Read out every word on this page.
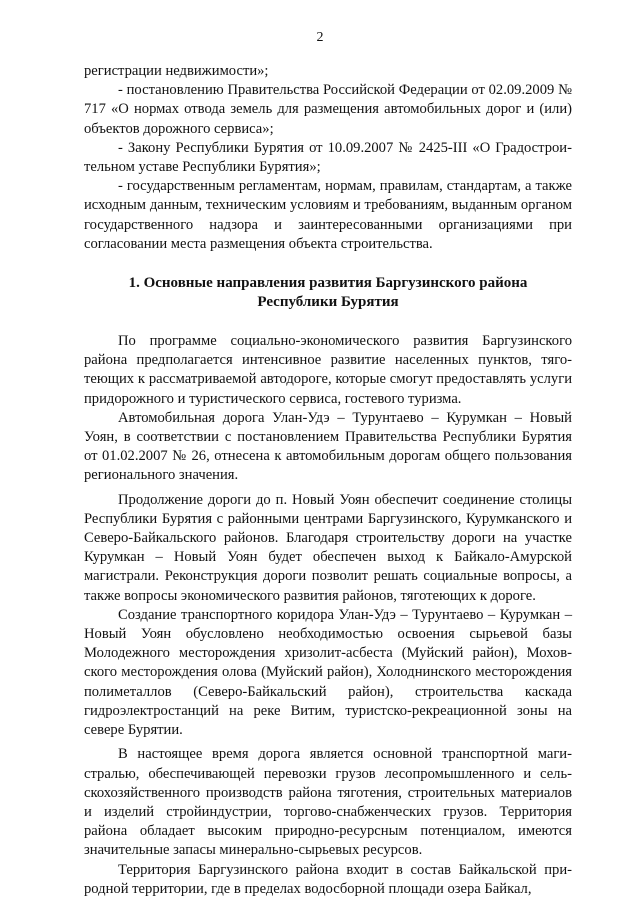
2

регистрации недвижимости»;

- постановлению Правительства Российской Федерации от 02.09.2009 № 717 «О нормах отвода земель для размещения автомобильных дорог и (или) объектов дорожного сервиса»;

- Закону Республики Бурятия от 10.09.2007 № 2425-III «О Градостроительном уставе Республики Бурятия»;

- государственным регламентам, нормам, правилам, стандартам, а также исходным данным, техническим условиям и требованиям, выданным органом государственного надзора и заинтересованными организациями при согласовании места размещения объекта строительства.

1. Основные направления развития Баргузинского района
Республики Бурятия

По программе социально-экономического развития Баргузинского района предполагается интенсивное развитие населенных пунктов, тяготеющих к рассматриваемой автодороге, которые смогут предоставлять услуги придорожного и туристического сервиса, гостевого туризма.

Автомобильная дорога Улан-Удэ – Турунтаево – Курумкан – Новый Уоян, в соответствии с постановлением Правительства Республики Бурятия от 01.02.2007 № 26, отнесена к автомобильным дорогам общего пользования регионального значения.

Продолжение дороги до п. Новый Уоян обеспечит соединение столицы Республики Бурятия с районными центрами Баргузинского, Курумканского и Северо-Байкальского районов. Благодаря строительству дороги на участке Курумкан – Новый Уоян будет обеспечен выход к Байкало-Амурской магистрали. Реконструкция дороги позволит решать социальные вопросы, а также вопросы экономического развития районов, тяготеющих к дороге.

Создание транспортного коридора Улан-Удэ – Турунтаево – Курумкан – Новый Уоян обусловлено необходимостью освоения сырьевой базы Молодежного месторождения хризолит-асбеста (Муйский район), Моховского месторождения олова (Муйский район), Холоднинского месторождения полиметаллов (Северо-Байкальский район), строительства каскада гидроэлектростанций на реке Витим, туристско-рекреационной зоны на севере Бурятии.

В настоящее время дорога является основной транспортной магистралью, обеспечивающей перевозки грузов лесопромышленного и сельскохозяйственного производств района тяготения, строительных материалов и изделий стройиндустрии, торгово-снабженческих грузов. Территория района обладает высоким природно-ресурсным потенциалом, имеются значительные запасы минерально-сырьевых ресурсов.

Территория Баргузинского района входит в состав Байкальской природной территории, где в пределах водосборной площади озера Байкал,
